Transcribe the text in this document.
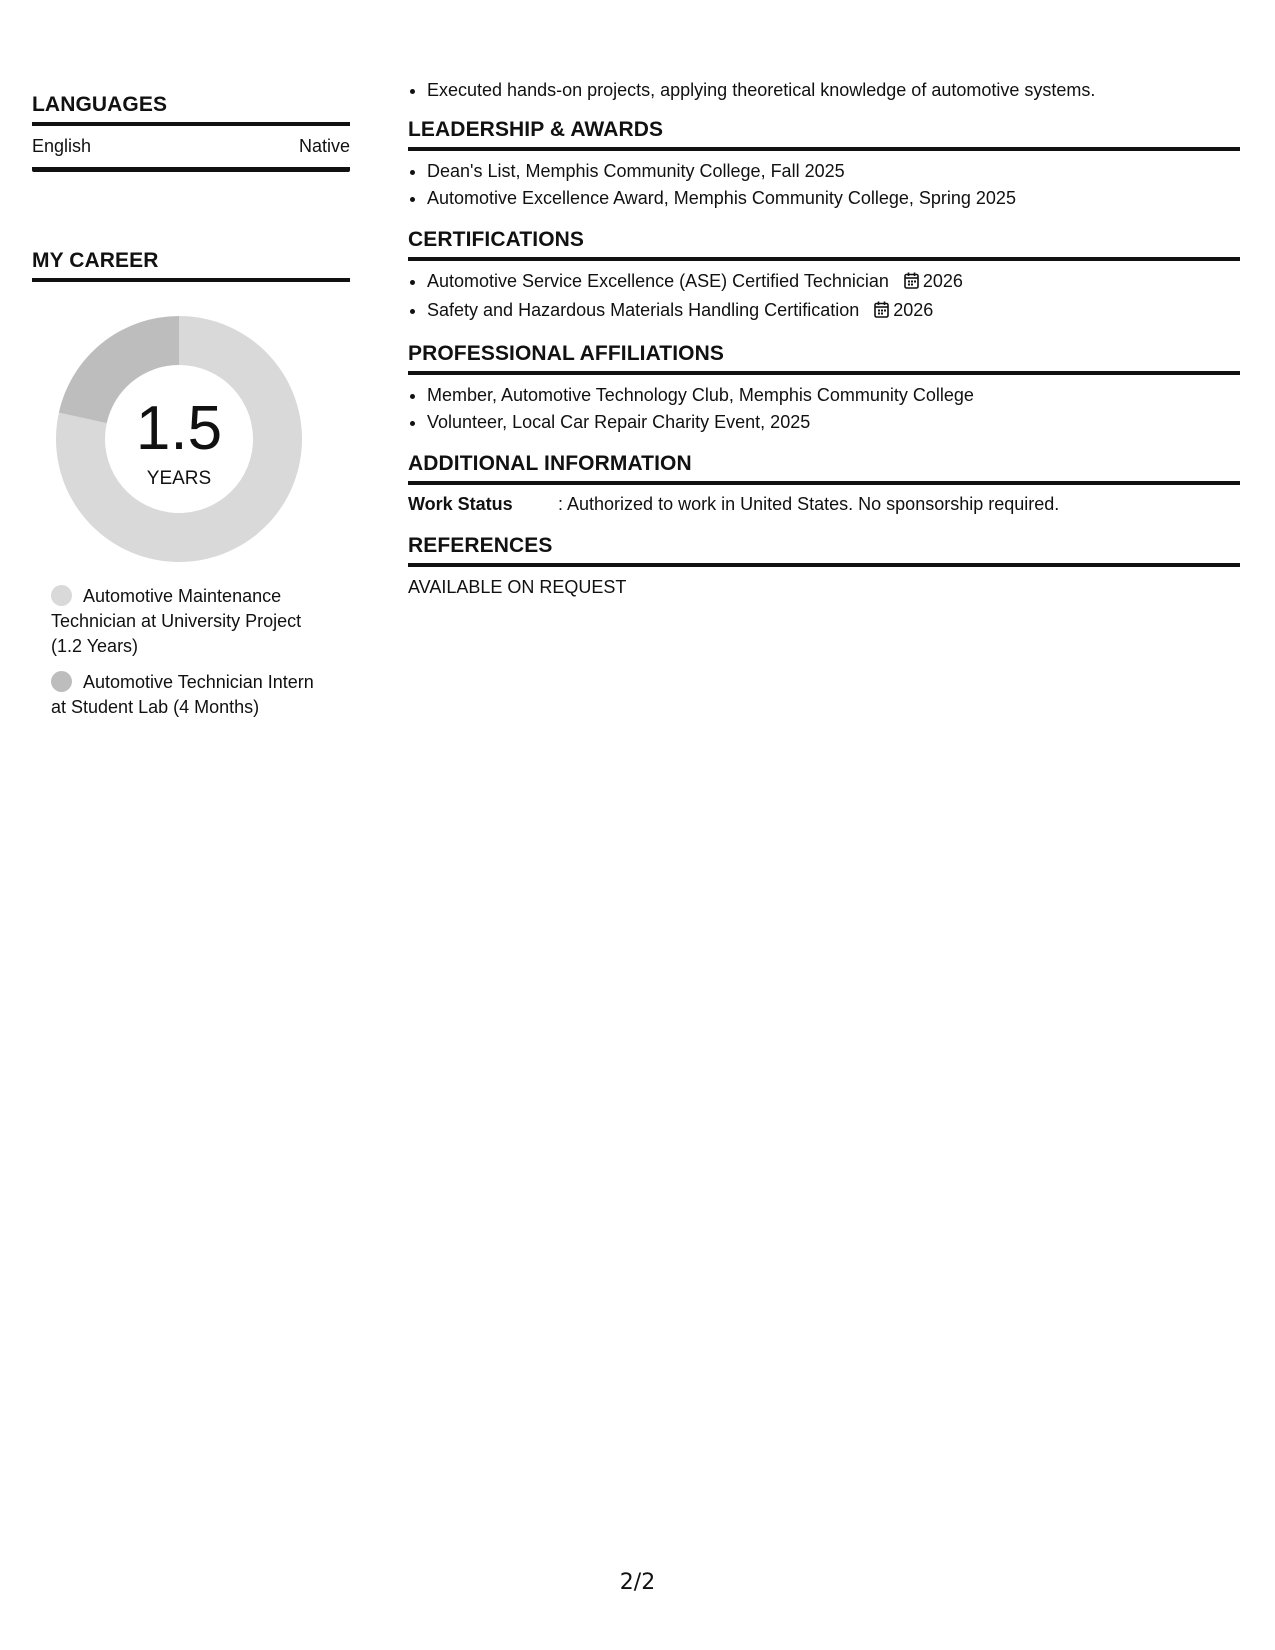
LANGUAGES
English	Native
MY CAREER
1.5
YEARS
Automotive Maintenance Technician at University Project (1.2 Years)
Automotive Technician Intern at Student Lab (4 Months)
• Executed hands-on projects, applying theoretical knowledge of automotive systems.
LEADERSHIP & AWARDS
• Dean's List, Memphis Community College, Fall 2025
• Automotive Excellence Award, Memphis Community College, Spring 2025
CERTIFICATIONS
• Automotive Service Excellence (ASE) Certified Technician 2026
• Safety and Hazardous Materials Handling Certification 2026
PROFESSIONAL AFFILIATIONS
• Member, Automotive Technology Club, Memphis Community College
• Volunteer, Local Car Repair Charity Event, 2025
ADDITIONAL INFORMATION
Work Status	: Authorized to work in United States. No sponsorship required.
REFERENCES
AVAILABLE ON REQUEST
2/2
